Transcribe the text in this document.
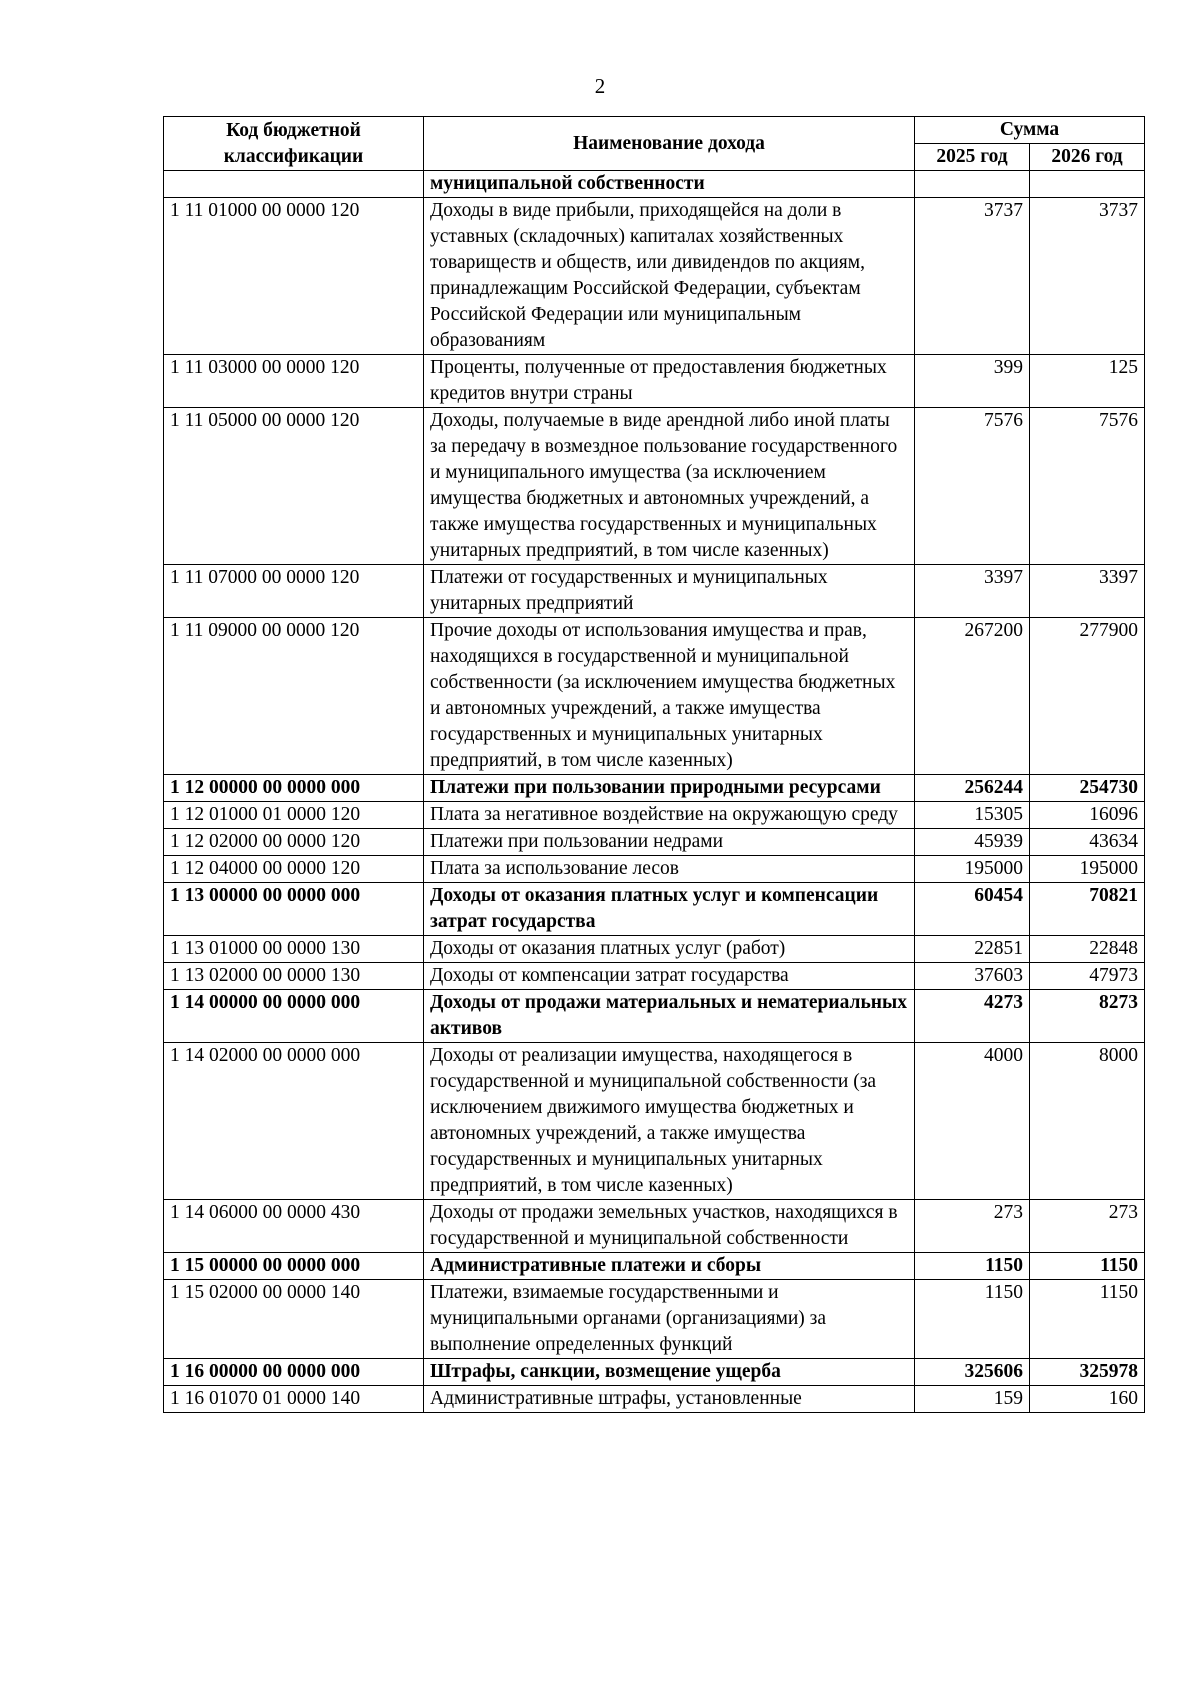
2
Код бюджетной классификации	Наименование дохода	Сумма	
		2025 год	2026 год
	муниципальной собственности		
1 11 01000 00 0000 120	Доходы в виде прибыли, приходящейся на доли в уставных (складочных) капиталах хозяйственных товариществ и обществ, или дивидендов по акциям, принадлежащим Российской Федерации, субъектам Российской Федерации или муниципальным образованиям	3737	3737
1 11 03000 00 0000 120	Проценты, полученные от предоставления бюджетных кредитов внутри страны	399	125
1 11 05000 00 0000 120	Доходы, получаемые в виде арендной либо иной платы за передачу в возмездное пользование государственного и муниципального имущества (за исключением имущества бюджетных и автономных учреждений, а также имущества государственных и муниципальных унитарных предприятий, в том числе казенных)	7576	7576
1 11 07000 00 0000 120	Платежи от государственных и муниципальных унитарных предприятий	3397	3397
1 11 09000 00 0000 120	Прочие доходы от использования имущества и прав, находящихся в государственной и муниципальной собственности (за исключением имущества бюджетных и автономных учреждений, а также имущества государственных и муниципальных унитарных предприятий, в том числе казенных)	267200	277900
1 12 00000 00 0000 000	Платежи при пользовании природными ресурсами	256244	254730
1 12 01000 01 0000 120	Плата за негативное воздействие на окружающую среду	15305	16096
1 12 02000 00 0000 120	Платежи при пользовании недрами	45939	43634
1 12 04000 00 0000 120	Плата за использование лесов	195000	195000
1 13 00000 00 0000 000	Доходы от оказания платных услуг и компенсации затрат государства	60454	70821
1 13 01000 00 0000 130	Доходы от оказания платных услуг (работ)	22851	22848
1 13 02000 00 0000 130	Доходы от компенсации затрат государства	37603	47973
1 14 00000 00 0000 000	Доходы от продажи материальных и нематериальных активов	4273	8273
1 14 02000 00 0000 000	Доходы от реализации имущества, находящегося в государственной и муниципальной собственности (за исключением движимого имущества бюджетных и автономных учреждений, а также имущества государственных и муниципальных унитарных предприятий, в том числе казенных)	4000	8000
1 14 06000 00 0000 430	Доходы от продажи земельных участков, находящихся в государственной и муниципальной собственности	273	273
1 15 00000 00 0000 000	Административные платежи и сборы	1150	1150
1 15 02000 00 0000 140	Платежи, взимаемые государственными и муниципальными органами (организациями) за выполнение определенных функций	1150	1150
1 16 00000 00 0000 000	Штрафы, санкции, возмещение ущерба	325606	325978
1 16 01070 01 0000 140	Административные штрафы, установленные	159	160
